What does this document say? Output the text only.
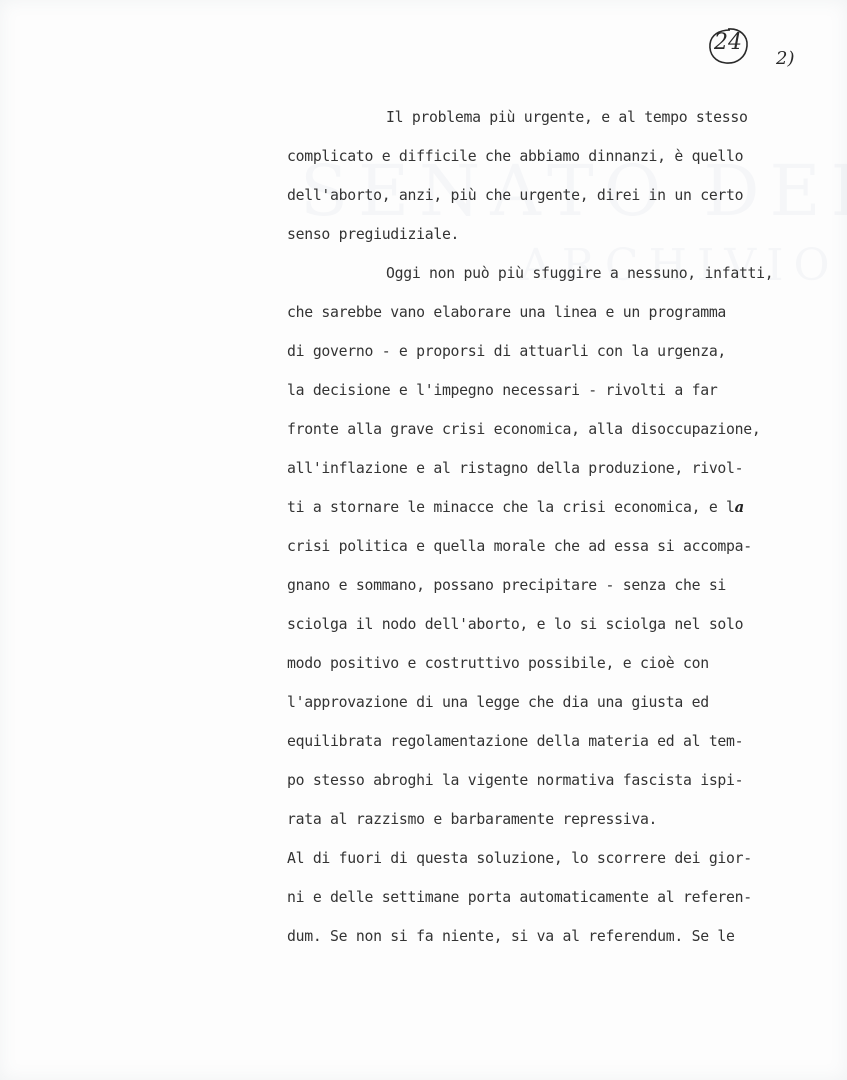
24
2)
Il problema più urgente, e al tempo stesso
complicato e difficile che abbiamo dinnanzi, è quello
dell'aborto, anzi, più che urgente, direi in un certo
senso pregiudiziale.
Oggi non può più sfuggire a nessuno, infatti,
che sarebbe vano elaborare una linea e un programma
di governo - e proporsi di attuarli con la urgenza,
la decisione e l'impegno necessari - rivolti a far
fronte alla grave crisi economica, alla disoccupazione,
all'inflazione e al ristagno della produzione, rivol-
ti a stornare le minacce che la crisi economica, e la
crisi politica e quella morale che ad essa si accompa-
gnano e sommano, possano precipitare - senza che si
sciolga il nodo dell'aborto, e lo si sciolga nel solo
modo positivo e costruttivo possibile, e cioè con
l'approvazione di una legge che dia una giusta ed
equilibrata regolamentazione della materia ed al tem-
po stesso abroghi la vigente normativa fascista ispi-
rata al razzismo e barbaramente repressiva.
Al di fuori di questa soluzione, lo scorrere dei gior-
ni e delle settimane porta automaticamente al referen-
dum. Se non si fa niente, si va al referendum. Se le
